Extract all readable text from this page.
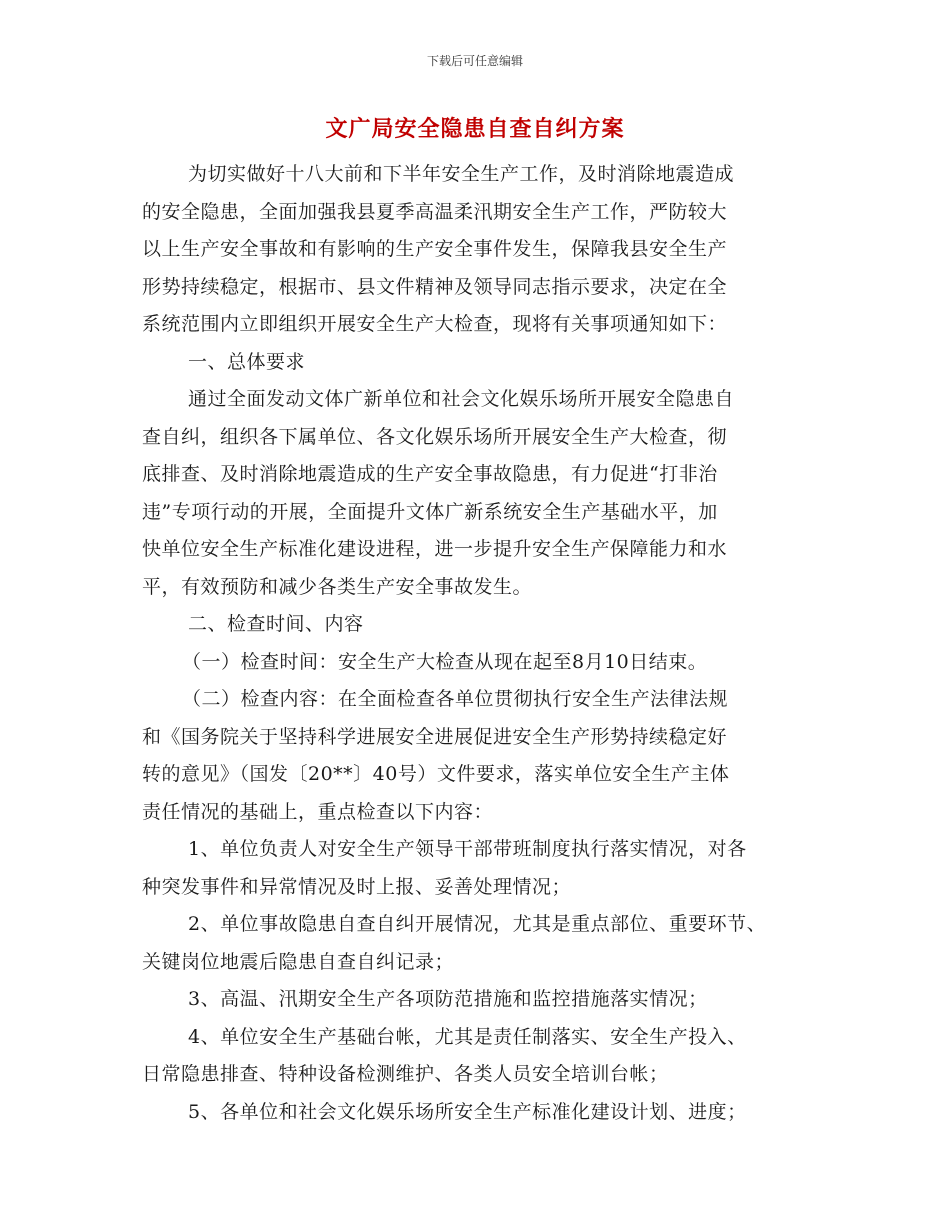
下载后可任意编辑
文广局安全隐患自查自纠方案
为切实做好十八大前和下半年安全生产工作，及时消除地震造成
的安全隐患，全面加强我县夏季高温柔汛期安全生产工作，严防较大
以上生产安全事故和有影响的生产安全事件发生，保障我县安全生产
形势持续稳定，根据市、县文件精神及领导同志指示要求，决定在全
系统范围内立即组织开展安全生产大检查，现将有关事项通知如下：
一、总体要求
通过全面发动文体广新单位和社会文化娱乐场所开展安全隐患自
查自纠，组织各下属单位、各文化娱乐场所开展安全生产大检查，彻
底排查、及时消除地震造成的生产安全事故隐患，有力促进“打非治
违”专项行动的开展，全面提升文体广新系统安全生产基础水平，加
快单位安全生产标准化建设进程，进一步提升安全生产保障能力和水
平，有效预防和减少各类生产安全事故发生。
二、检查时间、内容
（一）检查时间：安全生产大检查从现在起至8月10日结束。
（二）检查内容：在全面检查各单位贯彻执行安全生产法律法规
和《国务院关于坚持科学进展安全进展促进安全生产形势持续稳定好
转的意见》（国发〔20**〕40号）文件要求，落实单位安全生产主体
责任情况的基础上，重点检查以下内容：
1、单位负责人对安全生产领导干部带班制度执行落实情况，对各
种突发事件和异常情况及时上报、妥善处理情况；
2、单位事故隐患自查自纠开展情况，尤其是重点部位、重要环节、
关键岗位地震后隐患自查自纠记录；
3、高温、汛期安全生产各项防范措施和监控措施落实情况；
4、单位安全生产基础台帐，尤其是责任制落实、安全生产投入、
日常隐患排查、特种设备检测维护、各类人员安全培训台帐；
5、各单位和社会文化娱乐场所安全生产标准化建设计划、进度；
